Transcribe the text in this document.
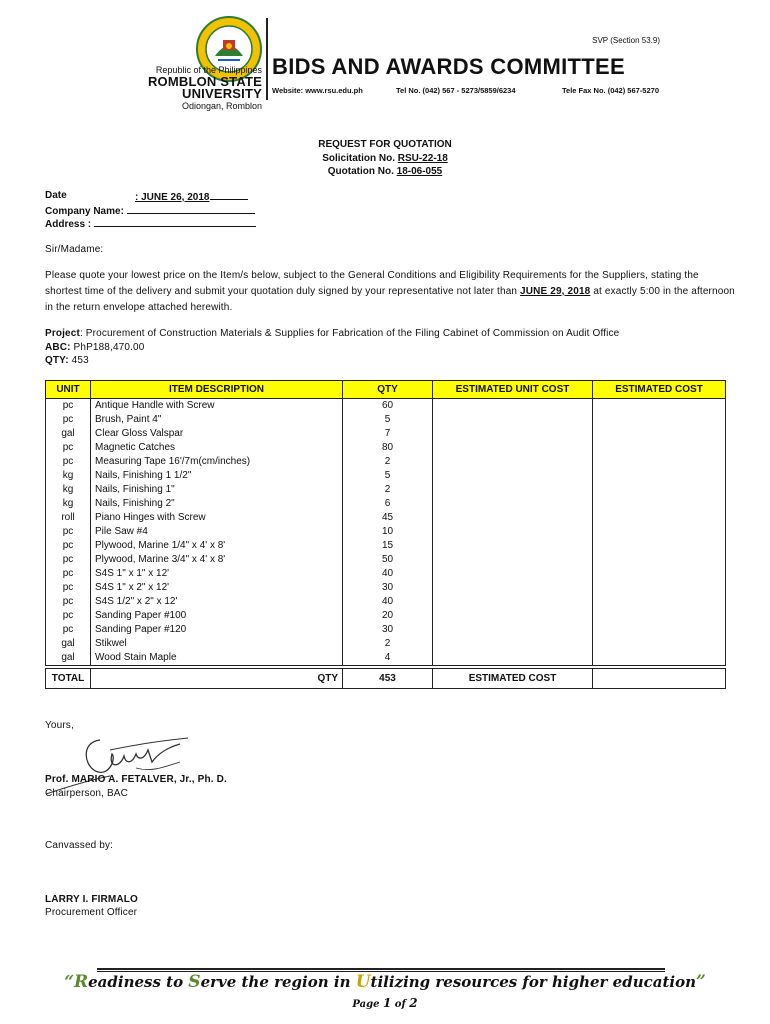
Republic of the Philippines
ROMBLON STATE UNIVERSITY
Odiongan, Romblon
SVP (Section 53.9)
BIDS AND AWARDS COMMITTEE
Website: www.rsu.edu.ph	Tel No. (042) 567 - 5273/5859/6234	Tele Fax No. (042) 567-5270
REQUEST FOR QUOTATION
Solicitation No. RSU-22-18
Quotation No. 18-06-055
Date	: JUNE 26, 2018
Company Name:
Address :
Sir/Madame:
Please quote your lowest price on the Item/s below, subject to the General Conditions and Eligibility Requirements for the Suppliers, stating the shortest time of the delivery and submit your quotation duly signed by your representative not later than JUNE 29, 2018 at exactly 5:00 in the afternoon in the return envelope attached herewith.
Project: Procurement of Construction Materials & Supplies for Fabrication of the Filing Cabinet of Commission on Audit Office
ABC: PhP188,470.00
QTY: 453
UNIT	ITEM DESCRIPTION	QTY	ESTIMATED UNIT COST	ESTIMATED COST
pc	Antique Handle with Screw	60		
pc	Brush, Paint 4"	5		
gal	Clear Gloss Valspar	7		
pc	Magnetic Catches	80		
pc	Measuring Tape 16'/7m(cm/inches)	2		
kg	Nails, Finishing 1 1/2"	5		
kg	Nails, Finishing 1"	2		
kg	Nails, Finishing 2"	6		
roll	Piano Hinges with Screw	45		
pc	Pile Saw #4	10		
pc	Plywood, Marine 1/4" x 4' x 8'	15		
pc	Plywood, Marine 3/4" x 4' x 8'	50		
pc	S4S 1" x 1" x 12'	40		
pc	S4S 1" x 2" x 12'	30		
pc	S4S 1/2" x 2" x 12'	40		
pc	Sanding Paper #100	20		
pc	Sanding Paper #120	30		
gal	Stikwel	2		
gal	Wood Stain Maple	4		
TOTAL	QTY	453	ESTIMATED COST	
Yours,
Prof. MARIO A. FETALVER, Jr., Ph. D.
Chairperson, BAC
Canvassed by:
LARRY I. FIRMALO
Procurement Officer
“Readiness to Serve the region in Utilizing resources for higher education”
Page 1 of 2
